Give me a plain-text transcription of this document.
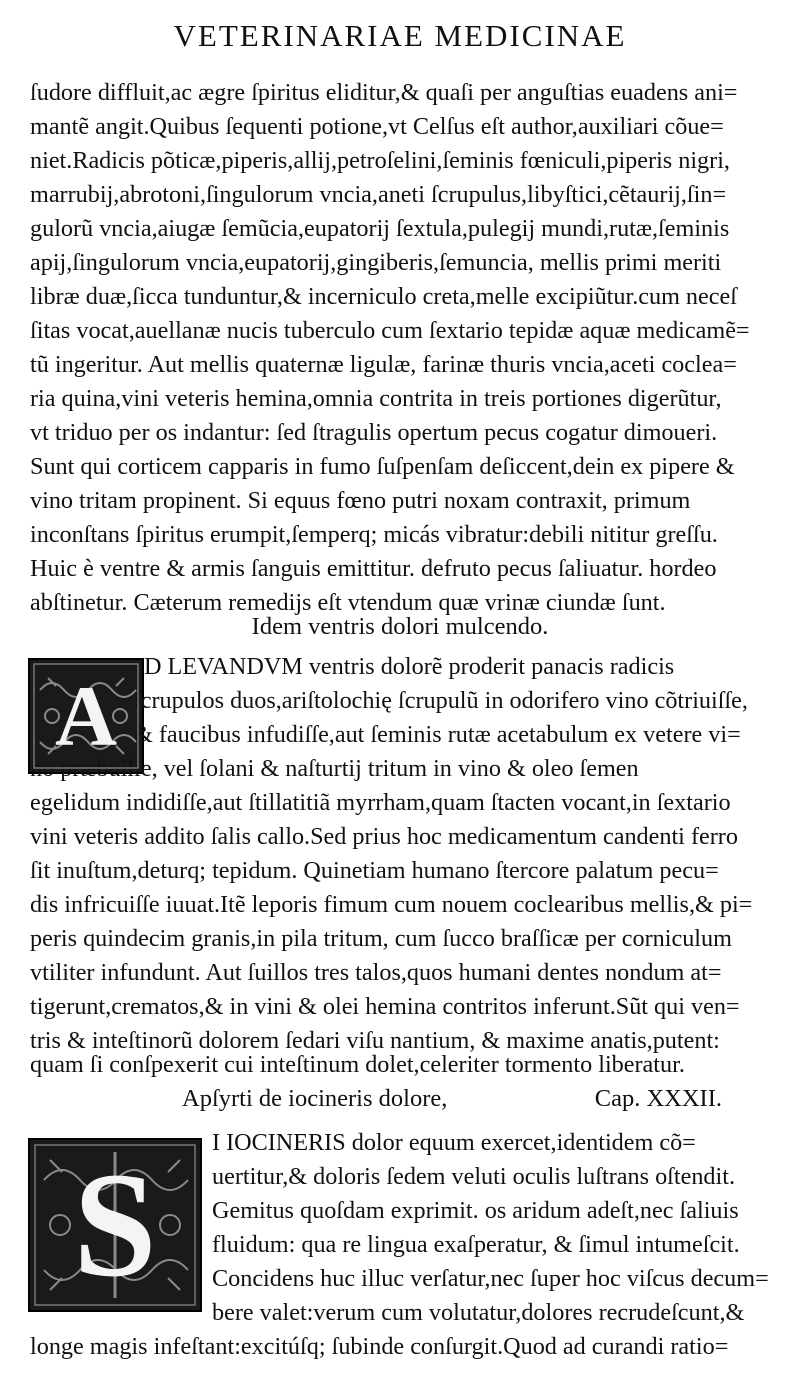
VETERINARIAE MEDICINAE
ſudore diffluit,ac ægre ſpiritus eliditur,& quaſi per anguſtias euadens ani=
mantẽ angit.Quibus ſequenti potione,vt Celſus eſt author,auxiliari cõue=
niet.Radicis põticæ,piperis,allij,petroſelini,ſeminis fœniculi,piperis nigri,
marrubij,abrotoni,ſingulorum vncia,aneti ſcrupulus,libyſtici,cẽtaurij,ſin=
gulorũ vncia,aiugæ ſemũcia,eupatorij ſextula,pulegij mundi,rutæ,ſeminis
apij,ſingulorum vncia,eupatorij,gingiberis,ſemuncia, mellis primi meriti
libræ duæ,ſicca tunduntur,& incerniculo creta,melle excipiũtur.cum neceſ
ſitas vocat,auellanæ nucis tuberculo cum ſextario tepidæ aquæ medicamẽ=
tũ ingeritur. Aut mellis quaternæ ligulæ, farinæ thuris vncia,aceti coclea=
ria quina,vini veteris hemina,omnia contrita in treis portiones digerũtur,
vt triduo per os indantur: ſed ſtragulis opertum pecus cogatur dimoueri.
Sunt qui corticem capparis in fumo ſuſpenſam deſiccent,dein ex pipere &
vino tritam propinent. Si equus fœno putri noxam contraxit, primum
inconſtans ſpiritus erumpit,ſemperq; micás vibratur:debili nititur greſſu.
Huic è ventre & armis ſanguis emittitur. defruto pecus ſaliuatur. hordeo
abſtinetur. Cæterum remedijs eſt vtendum quæ vrinæ ciundæ ſunt.
Idem ventris dolori mulcendo.
A
D LEVANDVM ventris dolorẽ proderit panacis radicis
ſcrupulos duos,ariſtolochię ſcrupulũ in odorifero vino cõtriuiſſe,
& faucibus infudiſſe,aut ſeminis rutæ acetabulum ex vetere vi=
no præbuiſſe, vel ſolani & naſturtij tritum in vino & oleo ſemen
egelidum indidiſſe,aut ſtillatitiã myrrham,quam ſtacten vocant,in ſextario
vini veteris addito ſalis callo.Sed prius hoc medicamentum candenti ferro
ſit inuſtum,deturq; tepidum. Quinetiam humano ſtercore palatum pecu=
dis infricuiſſe iuuat.Itẽ leporis fimum cum nouem coclearibus mellis,& pi=
peris quindecim granis,in pila tritum, cum ſucco braſſicæ per corniculum
vtiliter infundunt. Aut ſuillos tres talos,quos humani dentes nondum at=
tigerunt,crematos,& in vini & olei hemina contritos inferunt.Sũt qui ven=
tris & inteſtinorũ dolorem ſedari viſu nantium, & maxime anatis,putent:
Apſyrti de iocineris dolore,	Cap. XXXII.
S I IOCINERIS dolor equum exercet,identidem cõ=
uertitur,& doloris ſedem veluti oculis luſtrans oſtendit.
Gemitus quoſdam exprimit. os aridum adeſt,nec ſaliuis
fluidum: qua re lingua exaſperatur, & ſimul intumeſcit.
Concidens huc illuc verſatur,nec ſuper hoc viſcus decum=
bere valet:verum cum volutatur,dolores recrudeſcunt,&
longe magis infeſtant:excitúſq; ſubinde conſurgit.Quod ad curandi ratio=
quam ſi conſpexerit cui inteſtinum dolet,celeriter tormento liberatur.
